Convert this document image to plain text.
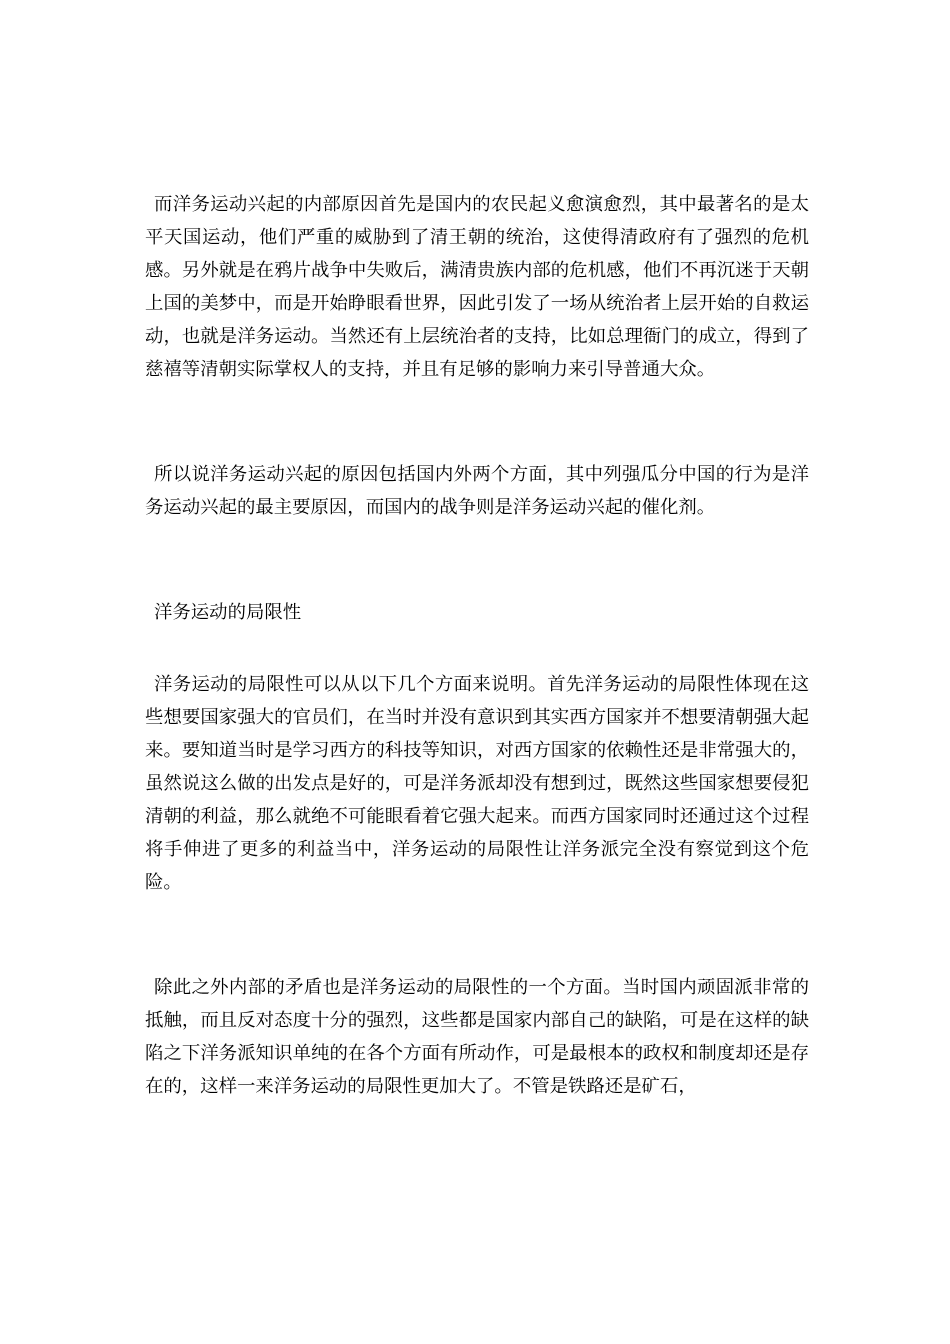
而洋务运动兴起的内部原因首先是国内的农民起义愈演愈烈，其中最著名的是太平天国运动，他们严重的威胁到了清王朝的统治，这使得清政府有了强烈的危机感。另外就是在鸦片战争中失败后，满清贵族内部的危机感，他们不再沉迷于天朝上国的美梦中，而是开始睁眼看世界，因此引发了一场从统治者上层开始的自救运动，也就是洋务运动。当然还有上层统治者的支持，比如总理衙门的成立，得到了慈禧等清朝实际掌权人的支持，并且有足够的影响力来引导普通大众。

所以说洋务运动兴起的原因包括国内外两个方面，其中列强瓜分中国的行为是洋务运动兴起的最主要原因，而国内的战争则是洋务运动兴起的催化剂。

洋务运动的局限性

洋务运动的局限性可以从以下几个方面来说明。首先洋务运动的局限性体现在这些想要国家强大的官员们，在当时并没有意识到其实西方国家并不想要清朝强大起来。要知道当时是学习西方的科技等知识，对西方国家的依赖性还是非常强大的，虽然说这么做的出发点是好的，可是洋务派却没有想到过，既然这些国家想要侵犯清朝的利益，那么就绝不可能眼看着它强大起来。而西方国家同时还通过这个过程将手伸进了更多的利益当中，洋务运动的局限性让洋务派完全没有察觉到这个危险。

除此之外内部的矛盾也是洋务运动的局限性的一个方面。当时国内顽固派非常的抵触，而且反对态度十分的强烈，这些都是国家内部自己的缺陷，可是在这样的缺陷之下洋务派知识单纯的在各个方面有所动作，可是最根本的政权和制度却还是存在的，这样一来洋务运动的局限性更加大了。不管是铁路还是矿石，
